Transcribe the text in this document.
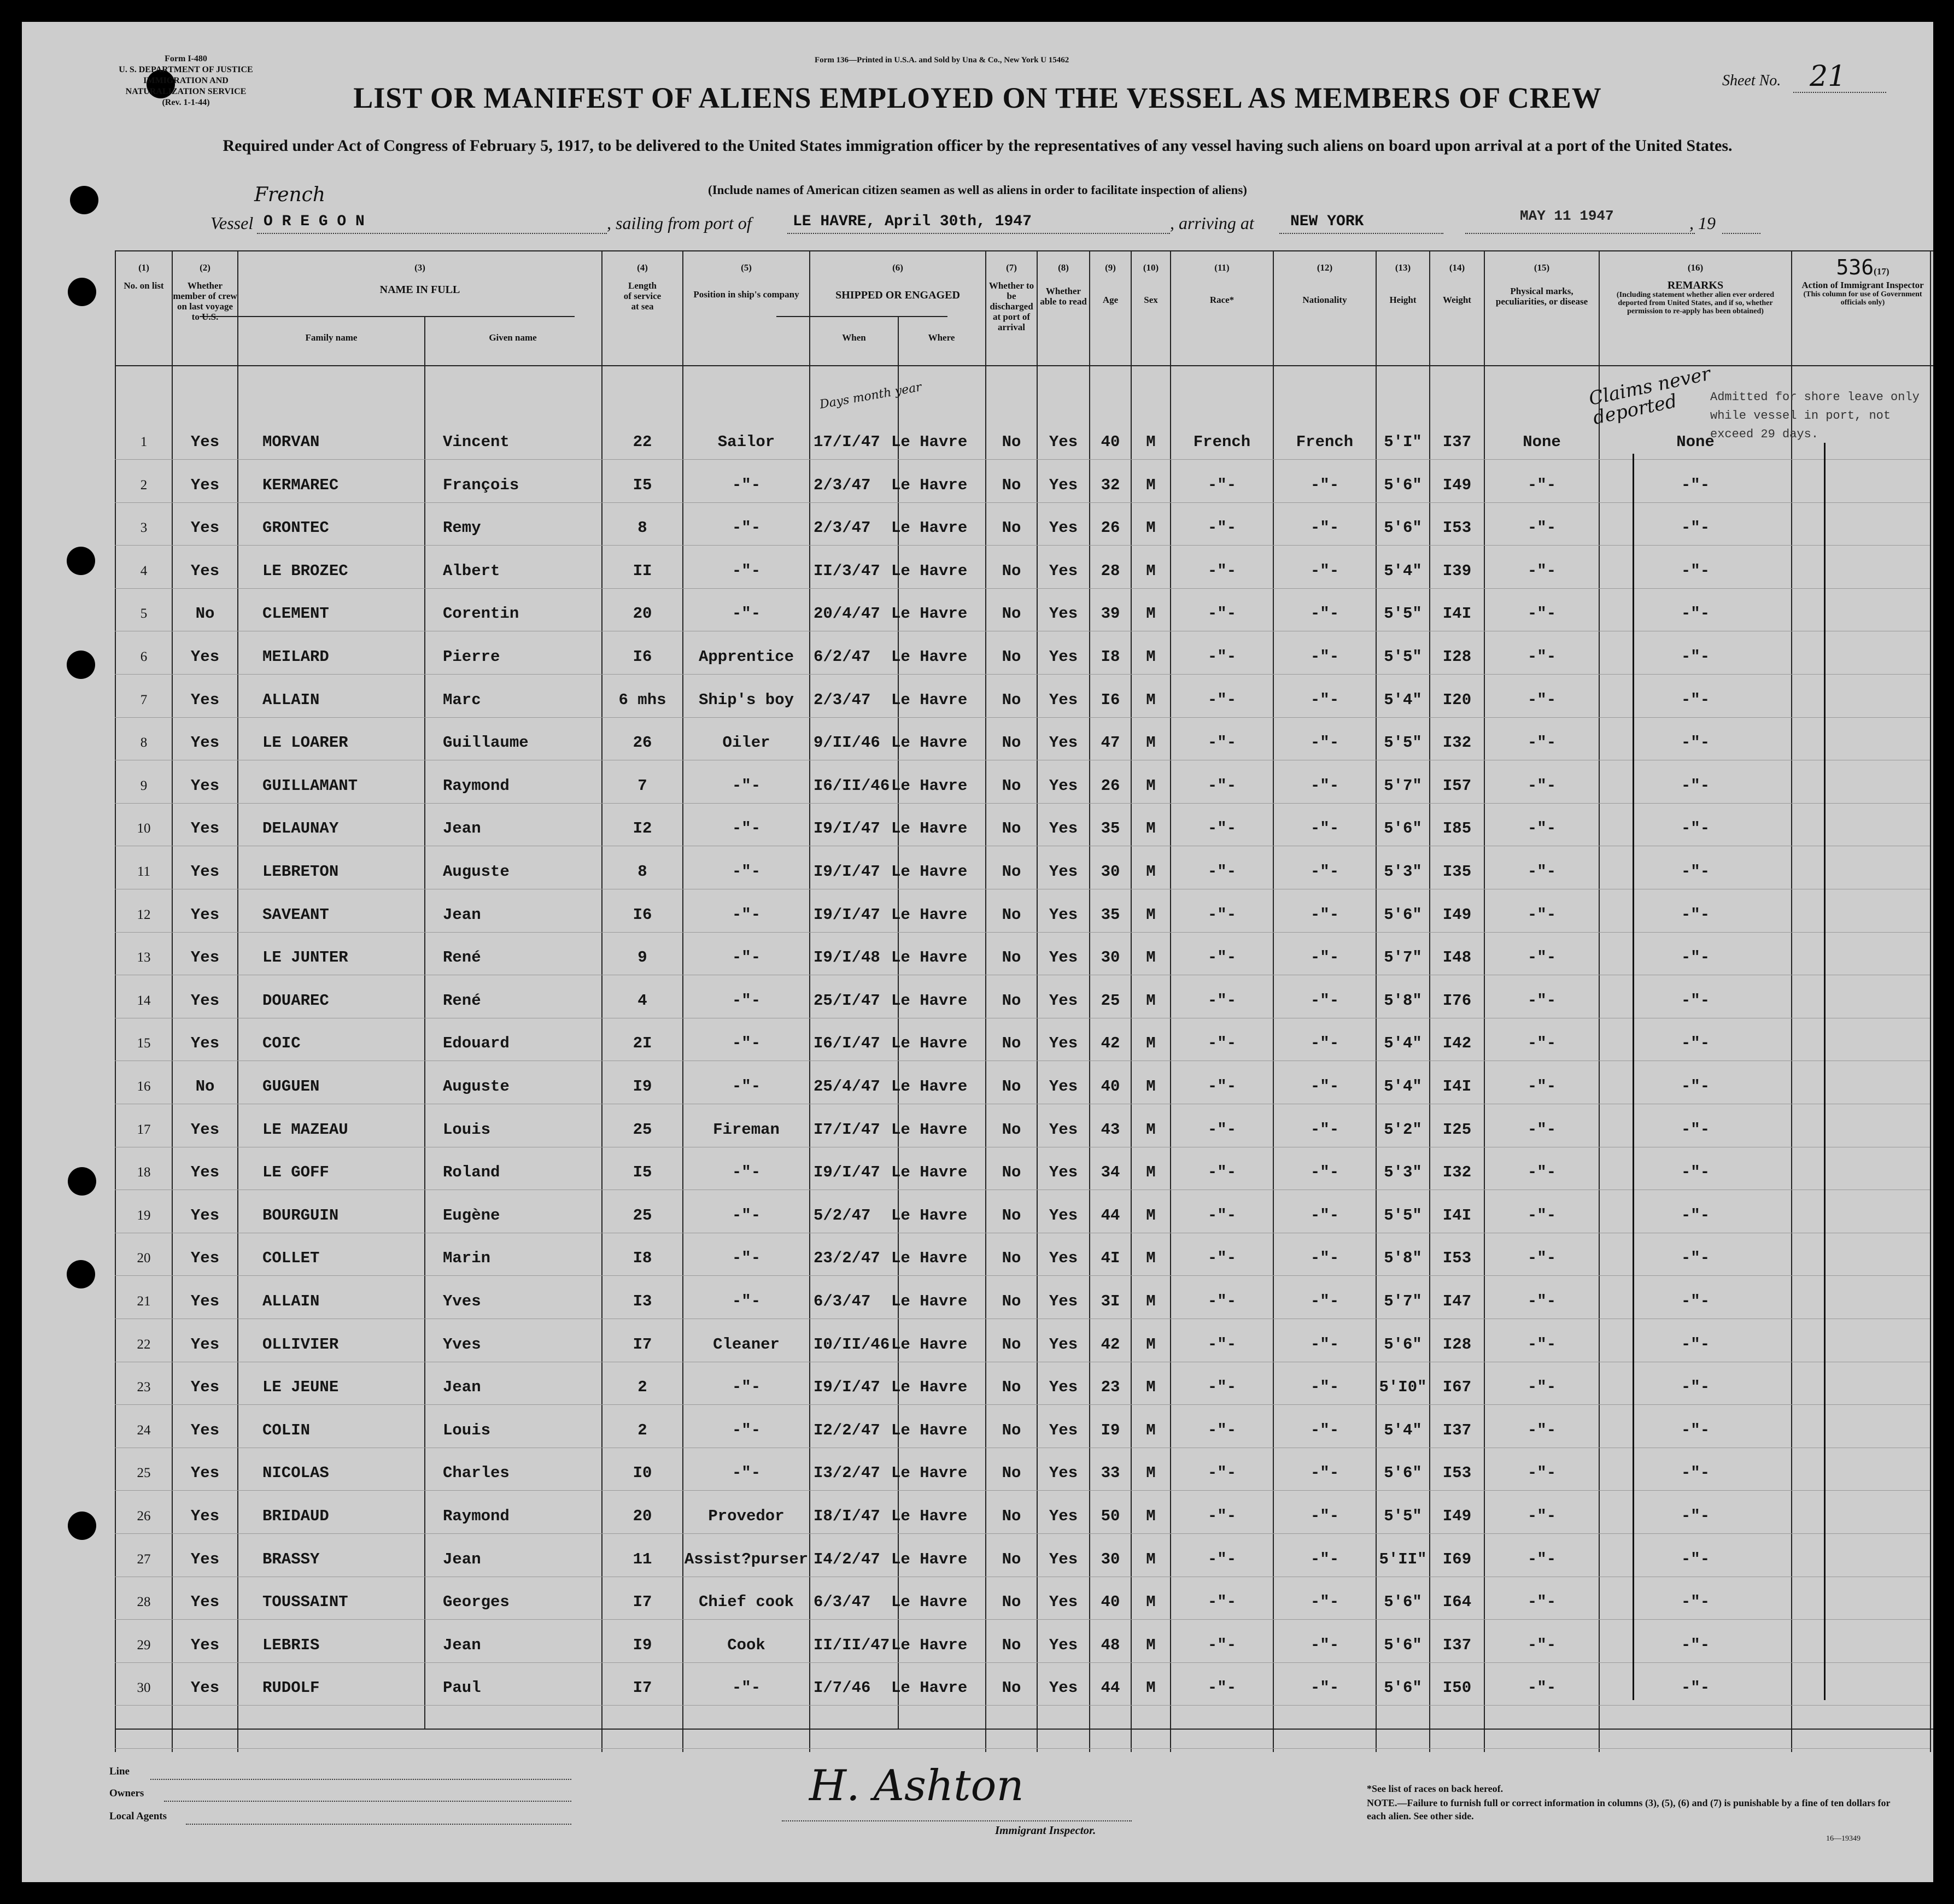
Form I-480
U. S. DEPARTMENT OF JUSTICE
IMMIGRATION AND NATURALIZATION SERVICE
(Rev. 1-1-44)
Form 136—Printed in U.S.A. and Sold by Una & Co., New York U 15462
Sheet No. 21
LIST OR MANIFEST OF ALIENS EMPLOYED ON THE VESSEL AS MEMBERS OF CREW
Required under Act of Congress of February 5, 1917, to be delivered to the United States immigration officer by the representatives of any vessel having such aliens on board upon arrival at a port of the United States.
(Include names of American citizen seamen as well as aliens in order to facilitate inspection of aliens)
Vessel
French
O R E G O N	, sailing from port of	LE HAVRE, April 30th, 1947	, arriving at NEW YORK	MAY 11 1947	, 19
(1)
No. on list
(2)
Whether member of crew on last voyage to U.S.
(3)
NAME IN FULL
Family name	Given name
(4)
Length of service at sea
(5)
Position in ship's company
(6)
SHIPPED OR ENGAGED
When	Where
(7)
Whether to be discharged at port of arrival
(8)
Whether able to read
(9)
Age
(10)
Sex
(11)
Race*
(12)
Nationality
(13)
Height
(14)
Weight
(15)
Physical marks, peculiarities, or disease
(16)
REMARKS
(Including statement whether alien ever ordered deported from United States, and if so, whether permission to re-apply has been obtained)
536(17)
Action of Immigrant Inspector
(This column for use of Government officials only)
Days month year	Claims never deported	Admitted for shore leave only while vessel in port, not exceed 29 days.
1	Yes	MORVAN	Vincent	22	Sailor	17/I/47 Le Havre	No	Yes	40	M	French	French	5'I"	I37	None	None
2	Yes	KERMAREC	François	I5	-"-	2/3/47	Le Havre	No	Yes	32	M	-"-	-"-	5'6"	I49	-"-	-"-
3	Yes	GRONTEC	Remy	8	-"-	2/3/47	Le Havre	No	Yes	26	M	-"-	-"-	5'6"	I53	-"-	-"-
4	Yes	LE BROZEC	Albert	II	-"-	II/3/47 Le Havre	No	Yes	28	M	-"-	-"-	5'4"	I39	-"-	-"-
5	No	CLEMENT	Corentin	20	-"-	20/4/47 Le Havre	No	Yes	39	M	-"-	-"-	5'5"	I4I	-"-	-"-
6	Yes	MEILARD	Pierre	I6	Apprentice	6/2/47	Le Havre	No	Yes	I8	M	-"-	-"-	5'5"	I28	-"-	-"-
7	Yes	ALLAIN	Marc	6 mhs	Ship's boy	2/3/47	Le Havre	No	Yes	I6	M	-"-	-"-	5'4"	I20	-"-	-"-
8	Yes	LE LOARER	Guillaume	26	Oiler	9/II/46 Le Havre	No	Yes	47	M	-"-	-"-	5'5"	I32	-"-	-"-
9	Yes	GUILLAMANT	Raymond	7	-"-	I6/II/46 Le Havre	No	Yes	26	M	-"-	-"-	5'7"	I57	-"-	-"-
10	Yes	DELAUNAY	Jean	I2	-"-	I9/I/47 Le Havre	No	Yes	35	M	-"-	-"-	5'6"	I85	-"-	-"-
11	Yes	LEBRETON	Auguste	8	-"-	I9/I/47 Le Havre	No	Yes	30	M	-"-	-"-	5'3"	I35	-"-	-"-
12	Yes	SAVEANT	Jean	I6	-"-	I9/I/47 Le Havre	No	Yes	35	M	-"-	-"-	5'6"	I49	-"-	-"-
13	Yes	LE JUNTER	René	9	-"-	I9/I/48 Le Havre	No	Yes	30	M	-"-	-"-	5'7"	I48	-"-	-"-
14	Yes	DOUAREC	René	4	-"-	25/I/47 Le Havre	No	Yes	25	M	-"-	-"-	5'8"	I76	-"-	-"-
15	Yes	COIC	Edouard	2I	-"-	I6/I/47 Le Havre	No	Yes	42	M	-"-	-"-	5'4"	I42	-"-	-"-
16	No	GUGUEN	Auguste	I9	-"-	25/4/47 Le Havre	No	Yes	40	M	-"-	-"-	5'4"	I4I	-"-	-"-
17	Yes	LE MAZEAU	Louis	25	Fireman	I7/I/47 Le Havre	No	Yes	43	M	-"-	-"-	5'2"	I25	-"-	-"-
18	Yes	LE GOFF	Roland	I5	-"-	I9/I/47 Le Havre	No	Yes	34	M	-"-	-"-	5'3"	I32	-"-	-"-
19	Yes	BOURGUIN	Eugène	25	-"-	5/2/47	Le Havre	No	Yes	44	M	-"-	-"-	5'5"	I4I	-"-	-"-
20	Yes	COLLET	Marin	I8	-"-	23/2/47 Le Havre	No	Yes	4I	M	-"-	-"-	5'8"	I53	-"-	-"-
21	Yes	ALLAIN	Yves	I3	-"-	6/3/47	Le Havre	No	Yes	3I	M	-"-	-"-	5'7"	I47	-"-	-"-
22	Yes	OLLIVIER	Yves	I7	Cleaner	I0/II/46 Le Havre	No	Yes	42	M	-"-	-"-	5'6"	I28	-"-	-"-
23	Yes	LE JEUNE	Jean	2	-"-	I9/I/47 Le Havre	No	Yes	23	M	-"-	-"-	5'I0"	I67	-"-	-"-
24	Yes	COLIN	Louis	2	-"-	I2/2/47 Le Havre	No	Yes	I9	M	-"-	-"-	5'4"	I37	-"-	-"-
25	Yes	NICOLAS	Charles	I0	-"-	I3/2/47 Le Havre	No	Yes	33	M	-"-	-"-	5'6"	I53	-"-	-"-
26	Yes	BRIDAUD	Raymond	20	Provedor	I8/I/47 Le Havre	No	Yes	50	M	-"-	-"-	5'5"	I49	-"-	-"-
27	Yes	BRASSY	Jean	11	Assist?purser I4/2/47 Le Havre	No	Yes	30	M	-"-	-"-	5'II"	I69	-"-	-"-
28	Yes	TOUSSAINT	Georges	I7	Chief cook	6/3/47	Le Havre	No	Yes	40	M	-"-	-"-	5'6"	I64	-"-	-"-
29	Yes	LEBRIS	Jean	I9	Cook	II/II/47 Le Havre	No	Yes	48	M	-"-	-"-	5'6"	I37	-"-	-"-
30	Yes	RUDOLF	Paul	I7	-"-	I/7/46	Le Havre	No	Yes	44	M	-"-	-"-	5'6"	I50	-"-	-"-
Line
Owners
Local Agents
H. Ashton
Immigrant Inspector.
*See list of races on back hereof.
NOTE.—Failure to furnish full or correct information in columns (3), (5), (6) and (7) is punishable by a fine of ten dollars for each alien. See other side.
16—19349
